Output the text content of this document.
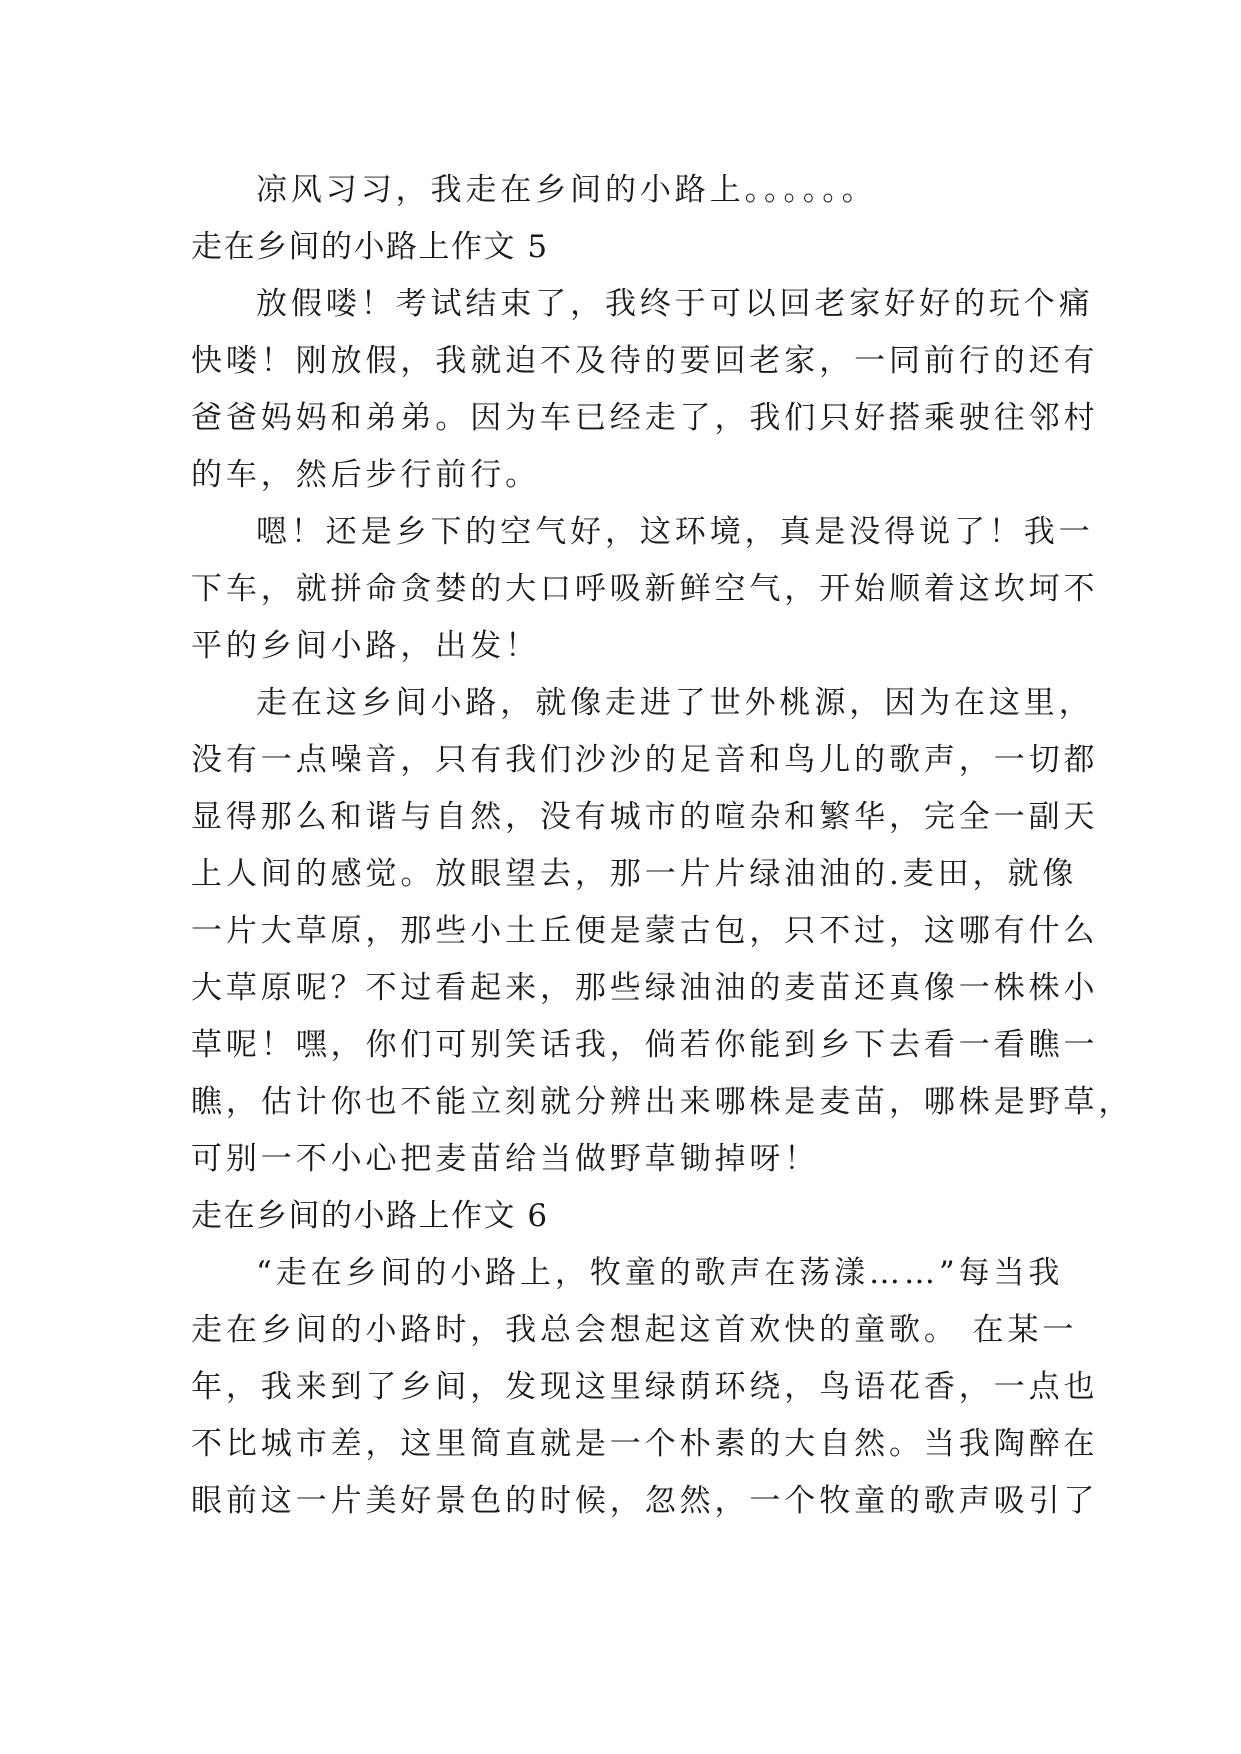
凉风习习，我走在乡间的小路上。。。。。。
走在乡间的小路上作文 5
放假喽！考试结束了，我终于可以回老家好好的玩个痛
快喽！刚放假，我就迫不及待的要回老家，一同前行的还有
爸爸妈妈和弟弟。因为车已经走了，我们只好搭乘驶往邻村
的车，然后步行前行。
嗯！还是乡下的空气好，这环境，真是没得说了！我一
下车，就拼命贪婪的大口呼吸新鲜空气，开始顺着这坎坷不
平的乡间小路，出发！
走在这乡间小路，就像走进了世外桃源，因为在这里，
没有一点噪音，只有我们沙沙的足音和鸟儿的歌声，一切都
显得那么和谐与自然，没有城市的喧杂和繁华，完全一副天
上人间的感觉。放眼望去，那一片片绿油油的.麦田，就像
一片大草原，那些小土丘便是蒙古包，只不过，这哪有什么
大草原呢？不过看起来，那些绿油油的麦苗还真像一株株小
草呢！嘿，你们可别笑话我，倘若你能到乡下去看一看瞧一
瞧，估计你也不能立刻就分辨出来哪株是麦苗，哪株是野草，
可别一不小心把麦苗给当做野草锄掉呀！
走在乡间的小路上作文 6
“走在乡间的小路上，牧童的歌声在荡漾……”每当我
走在乡间的小路时，我总会想起这首欢快的童歌。 在某一
年，我来到了乡间，发现这里绿荫环绕，鸟语花香，一点也
不比城市差，这里简直就是一个朴素的大自然。当我陶醉在
眼前这一片美好景色的时候，忽然，一个牧童的歌声吸引了
